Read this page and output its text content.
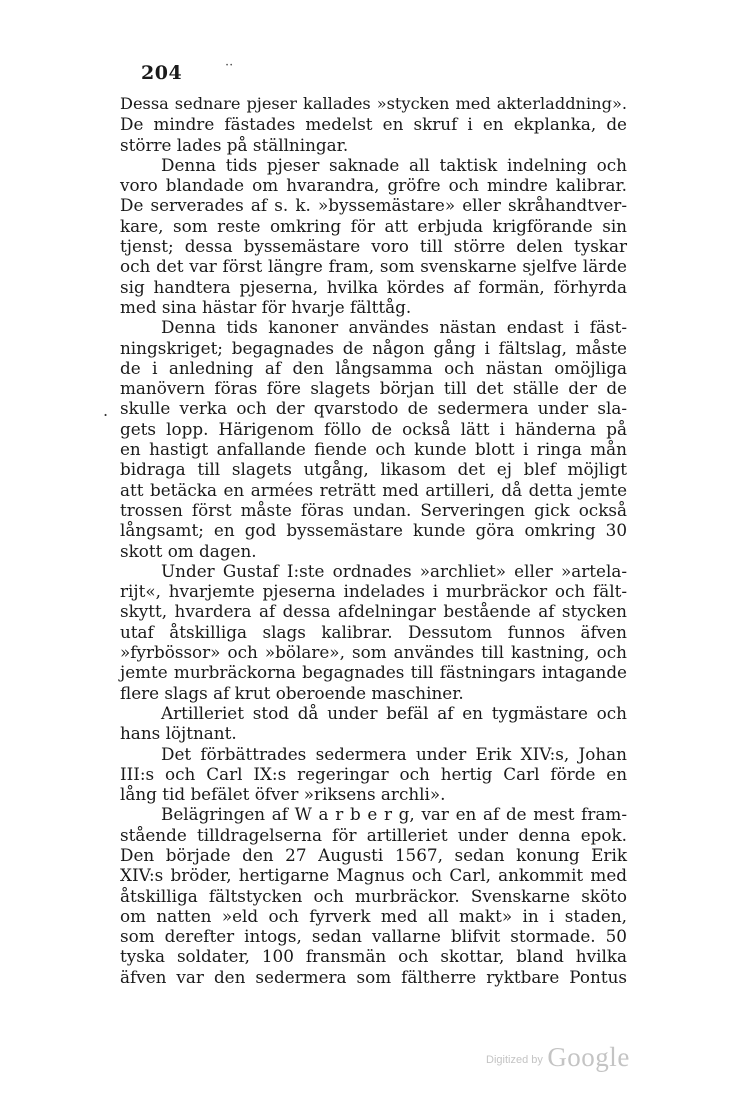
204	··
.
Dessa sednare pjeser kallades »stycken med akterladdning».
De mindre fästades medelst en skruf i en ekplanka, de
större lades på ställningar.
Denna tids pjeser saknade all taktisk indelning och
voro blandade om hvarandra, gröfre och mindre kalibrar.
De serverades af s. k. »byssemästare» eller skråhandtver-
kare, som reste omkring för att erbjuda krigförande sin
tjenst; dessa byssemästare voro till större delen tyskar
och det var först längre fram, som svenskarne sjelfve lärde
sig handtera pjeserna, hvilka kördes af formän, förhyrda
med sina hästar för hvarje fälttåg.
Denna tids kanoner användes nästan endast i fäst-
ningskriget; begagnades de någon gång i fältslag, måste
de i anledning af den långsamma och nästan omöjliga
manövern föras före slagets början till det ställe der de
skulle verka och der qvarstodo de sedermera under sla-
gets lopp. Härigenom föllo de också lätt i händerna på
en hastigt anfallande fiende och kunde blott i ringa mån
bidraga till slagets utgång, likasom det ej blef möjligt
att betäcka en armées reträtt med artilleri, då detta jemte
trossen först måste föras undan. Serveringen gick också
långsamt; en god byssemästare kunde göra omkring 30
skott om dagen.
Under Gustaf I:ste ordnades »archliet» eller »artela-
rijt«, hvarjemte pjeserna indelades i murbräckor och fält-
skytt, hvardera af dessa afdelningar bestående af stycken
utaf åtskilliga slags kalibrar. Dessutom funnos äfven
»fyrbössor» och »bölare», som användes till kastning, och
jemte murbräckorna begagnades till fästningars intagande
flere slags af krut oberoende maschiner.
Artilleriet stod då under befäl af en tygmästare och
hans löjtnant.
Det förbättrades sedermera under Erik XIV:s, Johan
III:s och Carl IX:s regeringar och hertig Carl förde en
lång tid befälet öfver »riksens archli».
Belägringen af W a r b e r g, var en af de mest fram-
stående tilldragelserna för artilleriet under denna epok.
Den började den 27 Augusti 1567, sedan konung Erik
XIV:s bröder, hertigarne Magnus och Carl, ankommit med
åtskilliga fältstycken och murbräckor. Svenskarne sköto
om natten »eld och fyrverk med all makt» in i staden,
som derefter intogs, sedan vallarne blifvit stormade. 50
tyska soldater, 100 fransmän och skottar, bland hvilka
äfven var den sedermera som fältherre ryktbare Pontus
Digitized by Google
